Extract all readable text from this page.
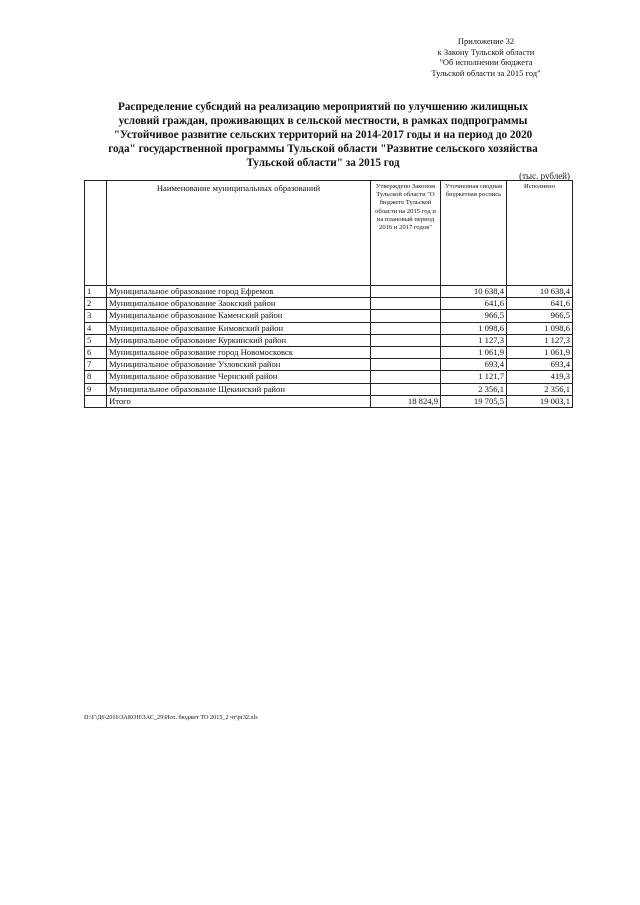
Приложение 32
к Закону Тульской области
"Об исполнении бюджета
Тульской области за 2015 год"
Распределение субсидий на реализацию мероприятий по улучшению жилищных
условий граждан, проживающих в сельской местности, в рамках подпрограммы
"Устойчивое развитие сельских территорий на 2014-2017 годы и на период до 2020
года" государственной программы Тульской области "Развитие сельского хозяйства
Тульской области" за 2015 год
(тыс. рублей)
	Наименование муниципальных образований	Утверждено Законом Тульской области "О бюджете Тульской области на 2015 год и на плановый период 2016 и 2017 годов"	Уточненная сводная бюджетная роспись	Исполнено
1	Муниципальное образование город Ефремов		10 638,4	10 638,4
2	Муниципальное образование Заокский район		641,6	641,6
3	Муниципальное образование Каменский район		966,5	966,5
4	Муниципальное образование Кимовский район		1 098,6	1 098,6
5	Муниципальное образование Куркинский район		1 127,3	1 127,3
6	Муниципальное образование город Новомосковск		1 061,9	1 061,9
7	Муниципальное образование Узловский район		693,4	693,4
8	Муниципальное образование Чернский район		1 121,7	419,3
9	Муниципальное образование Щекинский район		2 356,1	2 356,1
	Итого	18 824,9	19 705,5	19 003,1
D:\Г\Д6\2016\ЗАКОН\ЗАС_29\Исп. бюджет ТО 2015_2 чт\pr32.xls
